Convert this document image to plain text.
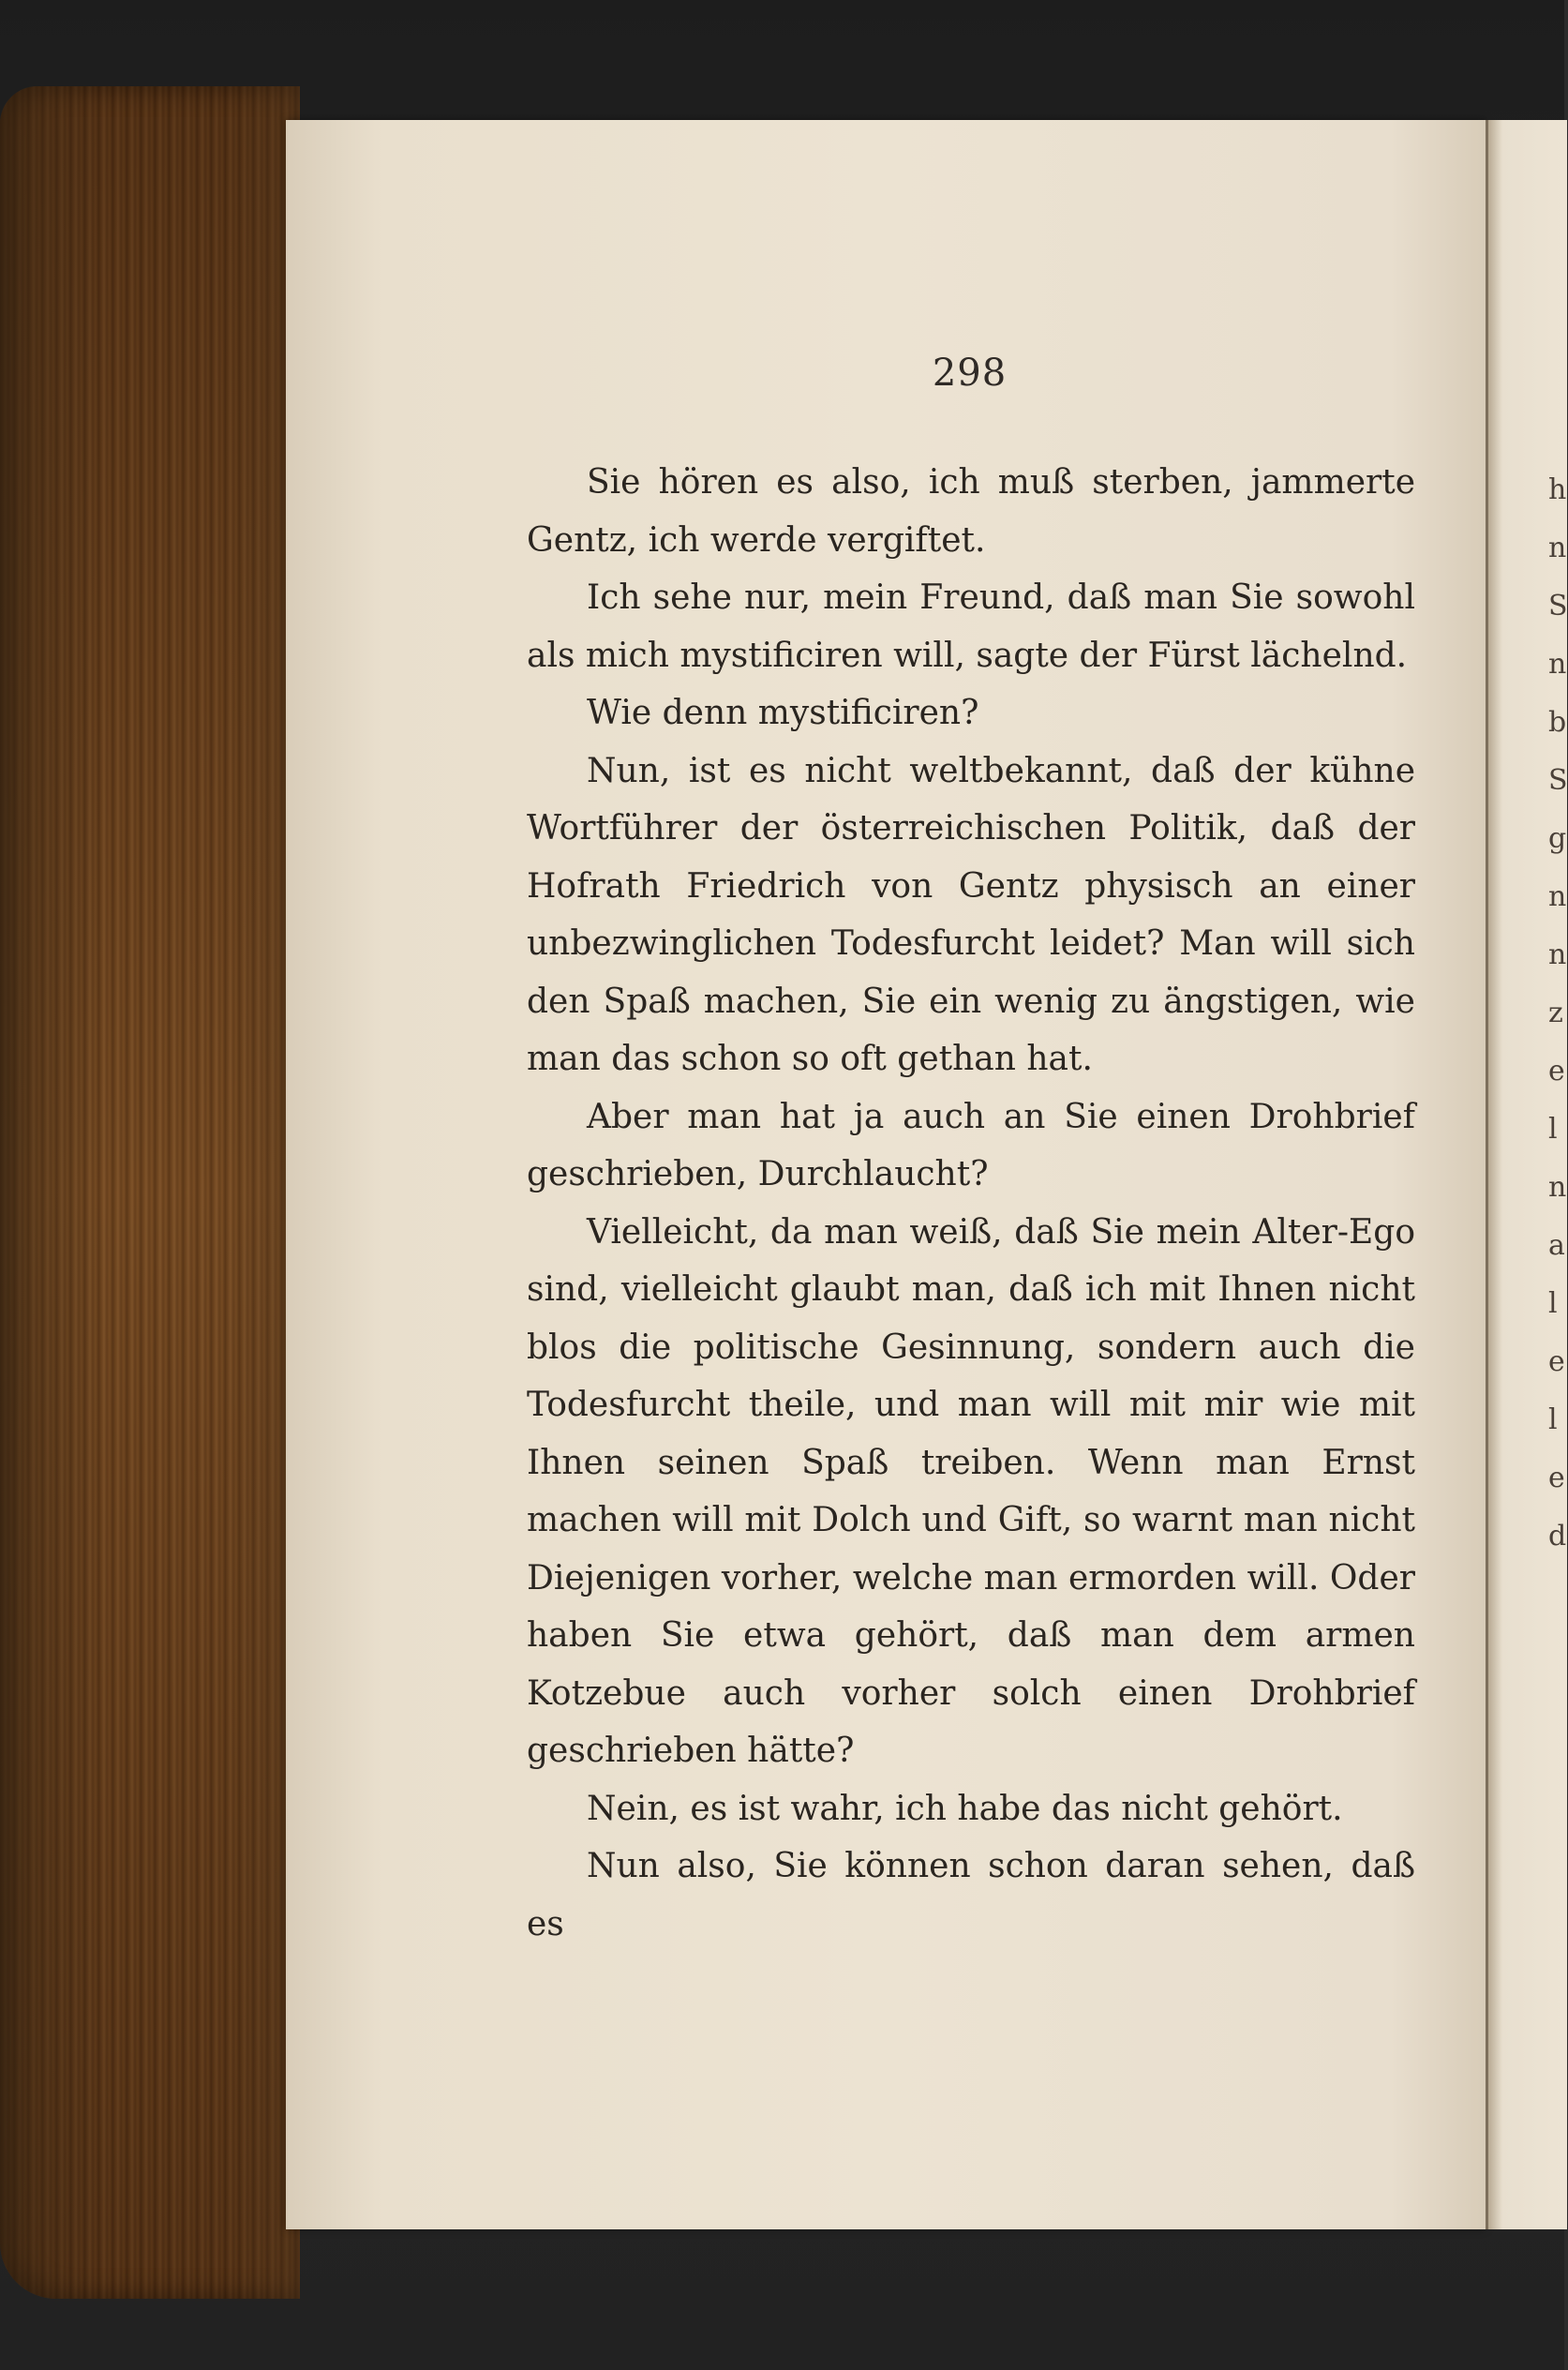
h
n
S
n
b
S
g
n
n
z
e
l
n
a
l
e
l
e
d
298

Sie hören es also, ich muß sterben, jammerte Gentz, ich werde vergiftet.

Ich sehe nur, mein Freund, daß man Sie sowohl als mich mystificiren will, sagte der Fürst lächelnd.

Wie denn mystificiren?

Nun, ist es nicht weltbekannt, daß der kühne Wortführer der österreichischen Politik, daß der Hofrath Friedrich von Gentz physisch an einer unbezwinglichen Todesfurcht leidet? Man will sich den Spaß machen, Sie ein wenig zu ängstigen, wie man das schon so oft gethan hat.

Aber man hat ja auch an Sie einen Drohbrief geschrieben, Durchlaucht?

Vielleicht, da man weiß, daß Sie mein Alter-Ego sind, vielleicht glaubt man, daß ich mit Ihnen nicht blos die politische Gesinnung, sondern auch die Todesfurcht theile, und man will mit mir wie mit Ihnen seinen Spaß treiben. Wenn man Ernst machen will mit Dolch und Gift, so warnt man nicht Diejenigen vorher, welche man ermorden will. Oder haben Sie etwa gehört, daß man dem armen Kotzebue auch vorher solch einen Drohbrief geschrieben hätte?

Nein, es ist wahr, ich habe das nicht gehört.

Nun also, Sie können schon daran sehen, daß es
